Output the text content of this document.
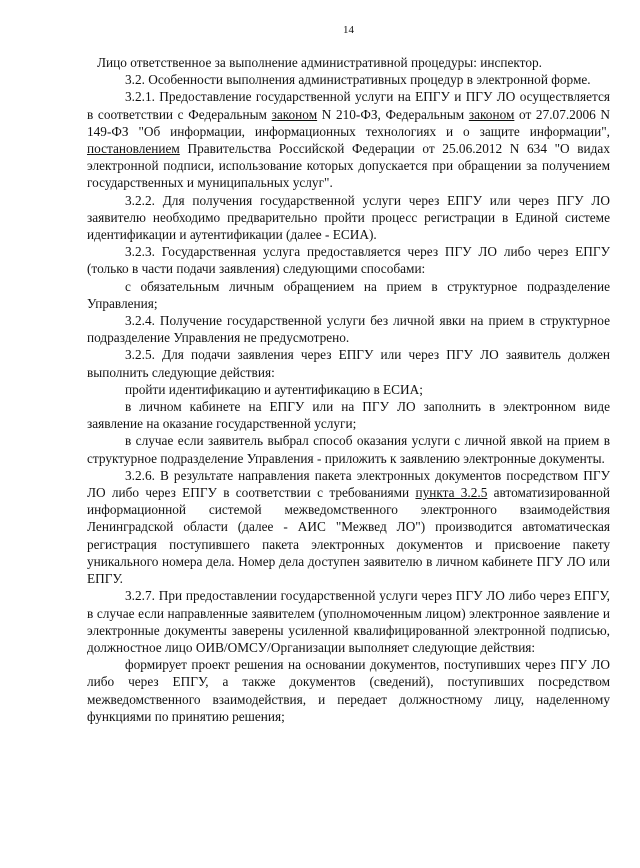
14

Лицо ответственное за выполнение административной процедуры: инспектор.

3.2. Особенности выполнения административных процедур в электронной форме.

3.2.1. Предоставление государственной услуги на ЕПГУ и ПГУ ЛО осуществляется в соответствии с Федеральным законом N 210-ФЗ, Федеральным законом от 27.07.2006 N 149-ФЗ "Об информации, информационных технологиях и о защите информации", постановлением Правительства Российской Федерации от 25.06.2012 N 634 "О видах электронной подписи, использование которых допускается при обращении за получением государственных и муниципальных услуг".

3.2.2. Для получения государственной услуги через ЕПГУ или через ПГУ ЛО заявителю необходимо предварительно пройти процесс регистрации в Единой системе идентификации и аутентификации (далее - ЕСИА).

3.2.3. Государственная услуга предоставляется через ПГУ ЛО либо через ЕПГУ (только в части подачи заявления) следующими способами:

с обязательным личным обращением на прием в структурное подразделение Управления;

3.2.4. Получение государственной услуги без личной явки на прием в структурное подразделение Управления не предусмотрено.

3.2.5. Для подачи заявления через ЕПГУ или через ПГУ ЛО заявитель должен выполнить следующие действия:

пройти идентификацию и аутентификацию в ЕСИА;

в личном кабинете на ЕПГУ или на ПГУ ЛО заполнить в электронном виде заявление на оказание государственной услуги;

в случае если заявитель выбрал способ оказания услуги с личной явкой на прием в структурное подразделение Управления - приложить к заявлению электронные документы.

3.2.6. В результате направления пакета электронных документов посредством ПГУ ЛО либо через ЕПГУ в соответствии с требованиями пункта 3.2.5 автоматизированной информационной системой межведомственного электронного взаимодействия Ленинградской области (далее - АИС "Межвед ЛО") производится автоматическая регистрация поступившего пакета электронных документов и присвоение пакету уникального номера дела. Номер дела доступен заявителю в личном кабинете ПГУ ЛО или ЕПГУ.

3.2.7. При предоставлении государственной услуги через ПГУ ЛО либо через ЕПГУ, в случае если направленные заявителем (уполномоченным лицом) электронное заявление и электронные документы заверены усиленной квалифицированной электронной подписью, должностное лицо ОИВ/ОМСУ/Организации выполняет следующие действия:

формирует проект решения на основании документов, поступивших через ПГУ ЛО либо через ЕПГУ, а также документов (сведений), поступивших посредством межведомственного взаимодействия, и передает должностному лицу, наделенному функциями по принятию решения;
